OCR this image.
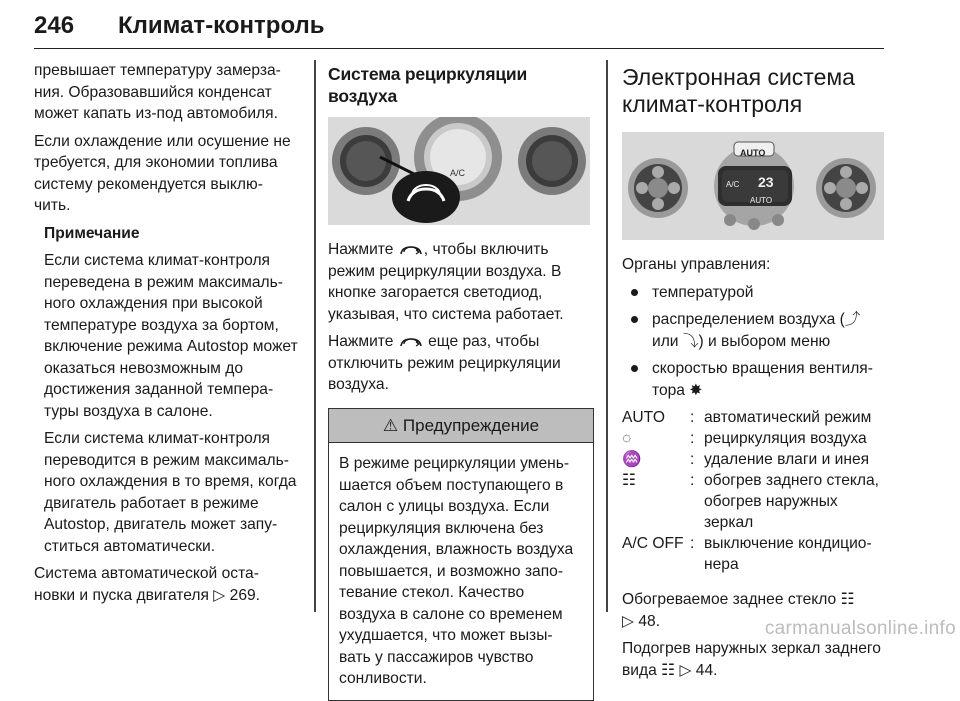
246 Климат-контроль

превышает температуру замерза- ния. Образовавшийся конденсат может капать из-под автомобиля.

Если охлаждение или осушение не требуется, для экономии топлива систему рекомендуется выклю- чить.

Примечание

Если система климат-контроля переведена в режим максималь- ного охлаждения при высокой температуре воздуха за бортом, включение режима Autostop может оказаться невозможным до достижения заданной темпера- туры воздуха в салоне.

Если система климат-контроля переводится в режим максималь- ного охлаждения в то время, когда двигатель работает в режиме Autostop, двигатель может запу- ститься автоматически.

Система автоматической оста- новки и пуска двигателя ▷ 269.

Система рециркуляции воздуха
A/C

Нажмите , чтобы включить режим рециркуляции воздуха. В кнопке загорается светодиод, указывая, что система работает.

Нажмите еще раз, чтобы отключить режим рециркуляции воздуха.

⚠ Предупреждение
В режиме рециркуляции умень- шается объем поступающего в салон с улицы воздуха. Если рециркуляция включена без охлаждения, влажность воздуха повышается, и возможно запо- тевание стекол. Качество воздуха в салоне со временем ухудшается, что может вызы- вать у пассажиров чувство сонливости.
Электронная система климат-контроля
AUTO
A/C 23
AUTO

Органы управления:

температурой
распределением воздуха (⤴ или ⤵) и выбором меню
скоростью вращения вентиля- тора ✸
AUTO	:	автоматический режим
◌	:	рециркуляция воздуха
♒	:	удаление влаги и инея
☷	:	обогрев заднего стекла, обогрев наружных зеркал
A/C OFF	:	выключение кондицио- нера

Обогреваемое заднее стекло ☷
▷ 48.

Подогрев наружных зеркал заднего вида ☷ ▷ 44.

carmanualsonline.info
